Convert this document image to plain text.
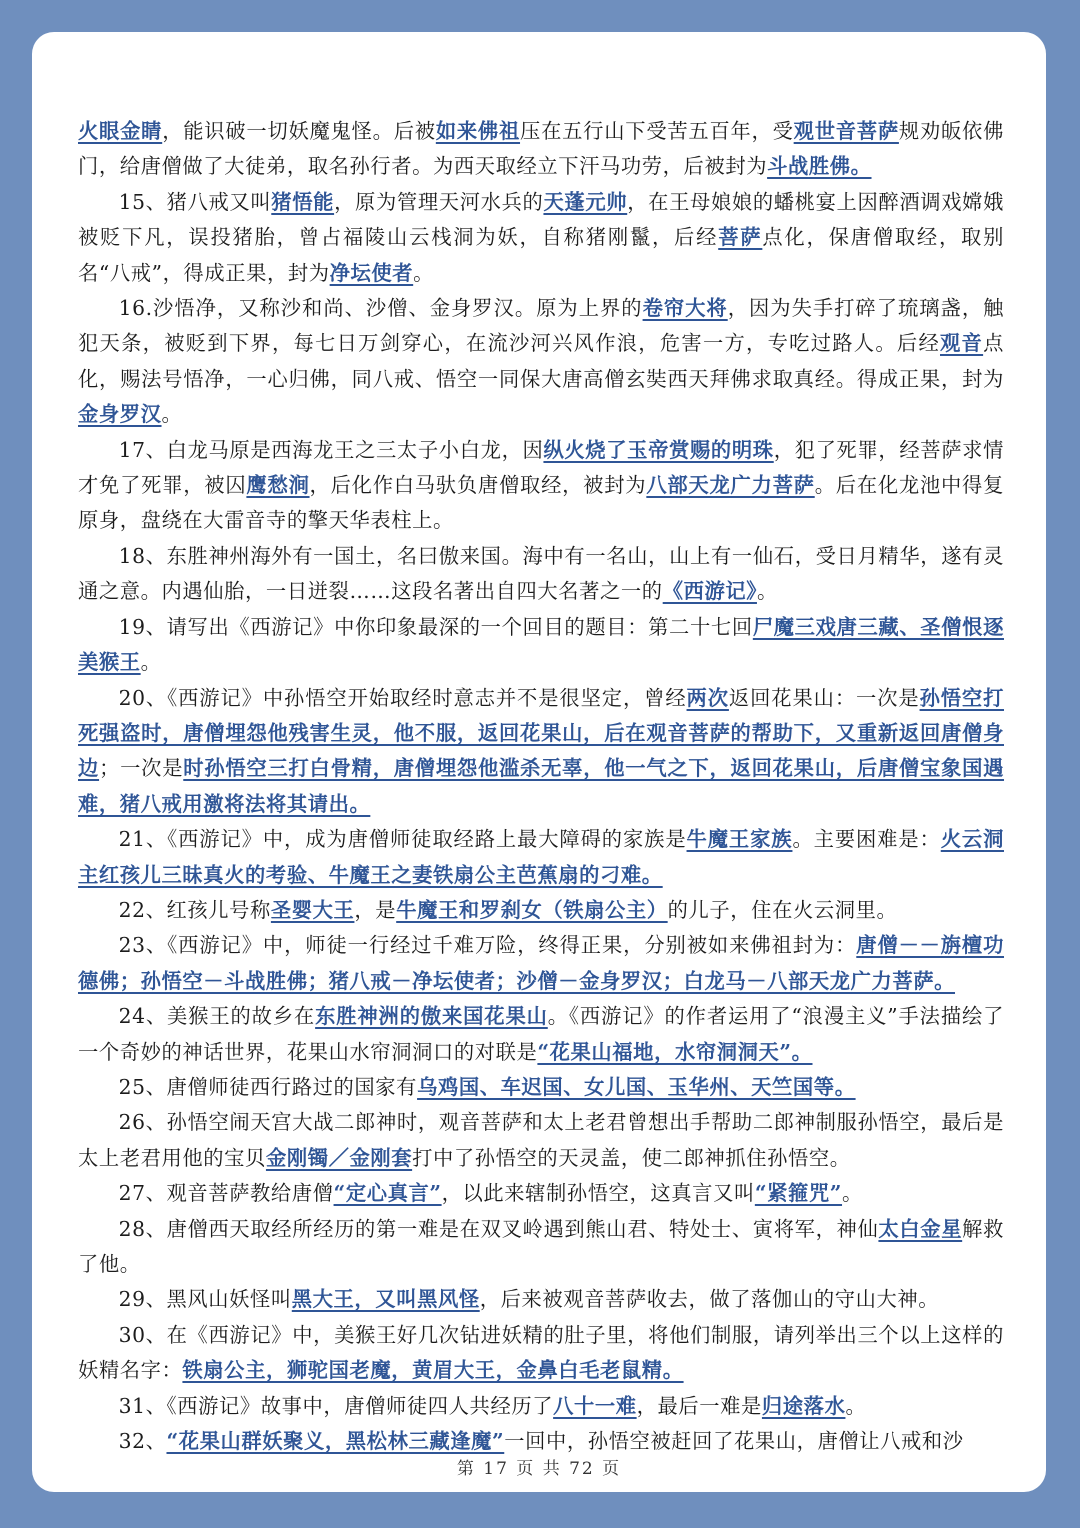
火眼金睛，能识破一切妖魔鬼怪。后被如来佛祖压在五行山下受苦五百年，受观世音菩萨规劝皈依佛门，给唐僧做了大徒弟，取名孙行者。为西天取经立下汗马功劳，后被封为斗战胜佛。

15、猪八戒又叫猪悟能，原为管理天河水兵的天蓬元帅，在王母娘娘的蟠桃宴上因醉酒调戏嫦娥被贬下凡，误投猪胎，曾占福陵山云栈洞为妖，自称猪刚鬣，后经菩萨点化，保唐僧取经，取别名“八戒”，得成正果，封为净坛使者。

16.沙悟净，又称沙和尚、沙僧、金身罗汉。原为上界的卷帘大将，因为失手打碎了琉璃盏，触犯天条，被贬到下界，每七日万剑穿心，在流沙河兴风作浪，危害一方，专吃过路人。后经观音点化，赐法号悟净，一心归佛，同八戒、悟空一同保大唐高僧玄奘西天拜佛求取真经。得成正果，封为金身罗汉。

17、白龙马原是西海龙王之三太子小白龙，因纵火烧了玉帝赏赐的明珠，犯了死罪，经菩萨求情才免了死罪，被囚鹰愁涧，后化作白马驮负唐僧取经，被封为八部天龙广力菩萨。后在化龙池中得复原身，盘绕在大雷音寺的擎天华表柱上。

18、东胜神州海外有一国土，名曰傲来国。海中有一名山，山上有一仙石，受日月精华，遂有灵通之意。内遇仙胎，一日迸裂……这段名著出自四大名著之一的《西游记》。

19、请写出《西游记》中你印象最深的一个回目的题目：第二十七回尸魔三戏唐三藏、圣僧恨逐美猴王。

20、《西游记》中孙悟空开始取经时意志并不是很坚定，曾经两次返回花果山：一次是孙悟空打死强盗时，唐僧埋怨他残害生灵，他不服，返回花果山，后在观音菩萨的帮助下，又重新返回唐僧身边；一次是时孙悟空三打白骨精，唐僧埋怨他滥杀无辜，他一气之下，返回花果山，后唐僧宝象国遇难，猪八戒用激将法将其请出。

21、《西游记》中，成为唐僧师徒取经路上最大障碍的家族是牛魔王家族。主要困难是：火云洞主红孩儿三昧真火的考验、牛魔王之妻铁扇公主芭蕉扇的刁难。

22、红孩儿号称圣婴大王，是牛魔王和罗刹女（铁扇公主）的儿子，住在火云洞里。

23、《西游记》中，师徒一行经过千难万险，终得正果，分别被如来佛祖封为：唐僧－－旃檀功德佛；孙悟空－斗战胜佛；猪八戒－净坛使者；沙僧－金身罗汉；白龙马－八部天龙广力菩萨。

24、美猴王的故乡在东胜神洲的傲来国花果山。《西游记》的作者运用了“浪漫主义”手法描绘了一个奇妙的神话世界，花果山水帘洞洞口的对联是“花果山福地，水帘洞洞天”。

25、唐僧师徒西行路过的国家有乌鸡国、车迟国、女儿国、玉华州、天竺国等。

26、孙悟空闹天宫大战二郎神时，观音菩萨和太上老君曾想出手帮助二郎神制服孙悟空，最后是太上老君用他的宝贝金刚镯／金刚套打中了孙悟空的天灵盖，使二郎神抓住孙悟空。

27、观音菩萨教给唐僧“定心真言”，以此来辖制孙悟空，这真言又叫“紧箍咒”。

28、唐僧西天取经所经历的第一难是在双叉岭遇到熊山君、特处士、寅将军，神仙太白金星解救了他。

29、黑风山妖怪叫黑大王，又叫黑风怪，后来被观音菩萨收去，做了落伽山的守山大神。

30、在《西游记》中，美猴王好几次钻进妖精的肚子里，将他们制服，请列举出三个以上这样的妖精名字：铁扇公主，狮驼国老魔，黄眉大王，金鼻白毛老鼠精。

31、《西游记》故事中，唐僧师徒四人共经历了八十一难，最后一难是归途落水。

32、“花果山群妖聚义，黑松林三藏逢魔”一回中，孙悟空被赶回了花果山，唐僧让八戒和沙

第 17 页 共 72 页
